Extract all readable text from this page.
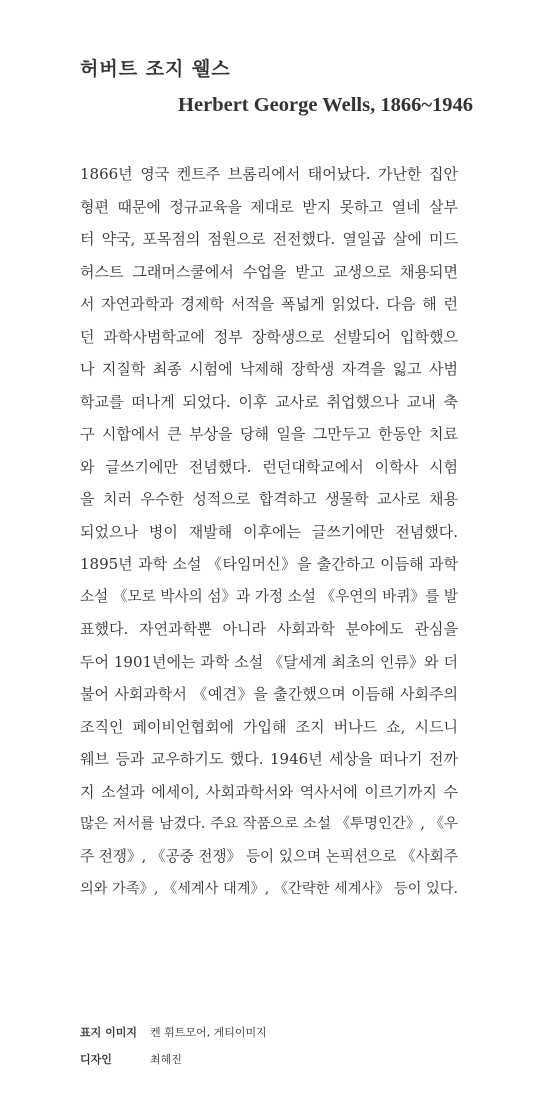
허버트 조지 웰스
Herbert George Wells, 1866~1946
1866년 영국 켄트주 브롬리에서 태어났다. 가난한 집안
형편 때문에 정규교육을 제대로 받지 못하고 열네 살부
터 약국, 포목점의 점원으로 전전했다. 열일곱 살에 미드
허스트 그래머스쿨에서 수업을 받고 교생으로 채용되면
서 자연과학과 경제학 서적을 폭넓게 읽었다. 다음 해 런
던 과학사범학교에 정부 장학생으로 선발되어 입학했으
나 지질학 최종 시험에 낙제해 장학생 자격을 잃고 사범
학교를 떠나게 되었다. 이후 교사로 취업했으나 교내 축
구 시합에서 큰 부상을 당해 일을 그만두고 한동안 치료
와 글쓰기에만 전념했다. 런던대학교에서 이학사 시험
을 치러 우수한 성적으로 합격하고 생물학 교사로 채용
되었으나 병이 재발해 이후에는 글쓰기에만 전념했다.
1895년 과학 소설 《타임머신》을 출간하고 이듬해 과학
소설 《모로 박사의 섬》과 가정 소설 《우연의 바퀴》를 발
표했다. 자연과학뿐 아니라 사회과학 분야에도 관심을
두어 1901년에는 과학 소설 《달세계 최초의 인류》와 더
불어 사회과학서 《예견》을 출간했으며 이듬해 사회주의
조직인 페이비언협회에 가입해 조지 버나드 쇼, 시드니
웨브 등과 교우하기도 했다. 1946년 세상을 떠나기 전까
지 소설과 에세이, 사회과학서와 역사서에 이르기까지 수
많은 저서를 남겼다. 주요 작품으로 소설 《투명인간》, 《우
주 전쟁》, 《공중 전쟁》 등이 있으며 논픽션으로 《사회주
의와 가족》, 《세계사 대계》, 《간략한 세계사》 등이 있다.
표지 이미지	켄 휘트모어, 게티이미지
디자인	최혜진
